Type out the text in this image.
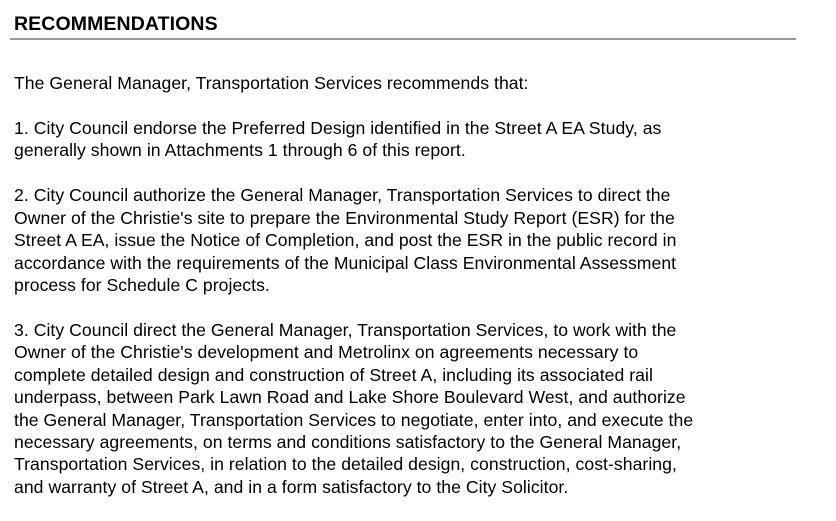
RECOMMENDATIONS

The General Manager, Transportation Services recommends that:

1. City Council endorse the Preferred Design identified in the Street A EA Study, as
generally shown in Attachments 1 through 6 of this report.

2. City Council authorize the General Manager, Transportation Services to direct the
Owner of the Christie's site to prepare the Environmental Study Report (ESR) for the
Street A EA, issue the Notice of Completion, and post the ESR in the public record in
accordance with the requirements of the Municipal Class Environmental Assessment
process for Schedule C projects.

3. City Council direct the General Manager, Transportation Services, to work with the
Owner of the Christie's development and Metrolinx on agreements necessary to
complete detailed design and construction of Street A, including its associated rail
underpass, between Park Lawn Road and Lake Shore Boulevard West, and authorize
the General Manager, Transportation Services to negotiate, enter into, and execute the
necessary agreements, on terms and conditions satisfactory to the General Manager,
Transportation Services, in relation to the detailed design, construction, cost-sharing,
and warranty of Street A, and in a form satisfactory to the City Solicitor.
